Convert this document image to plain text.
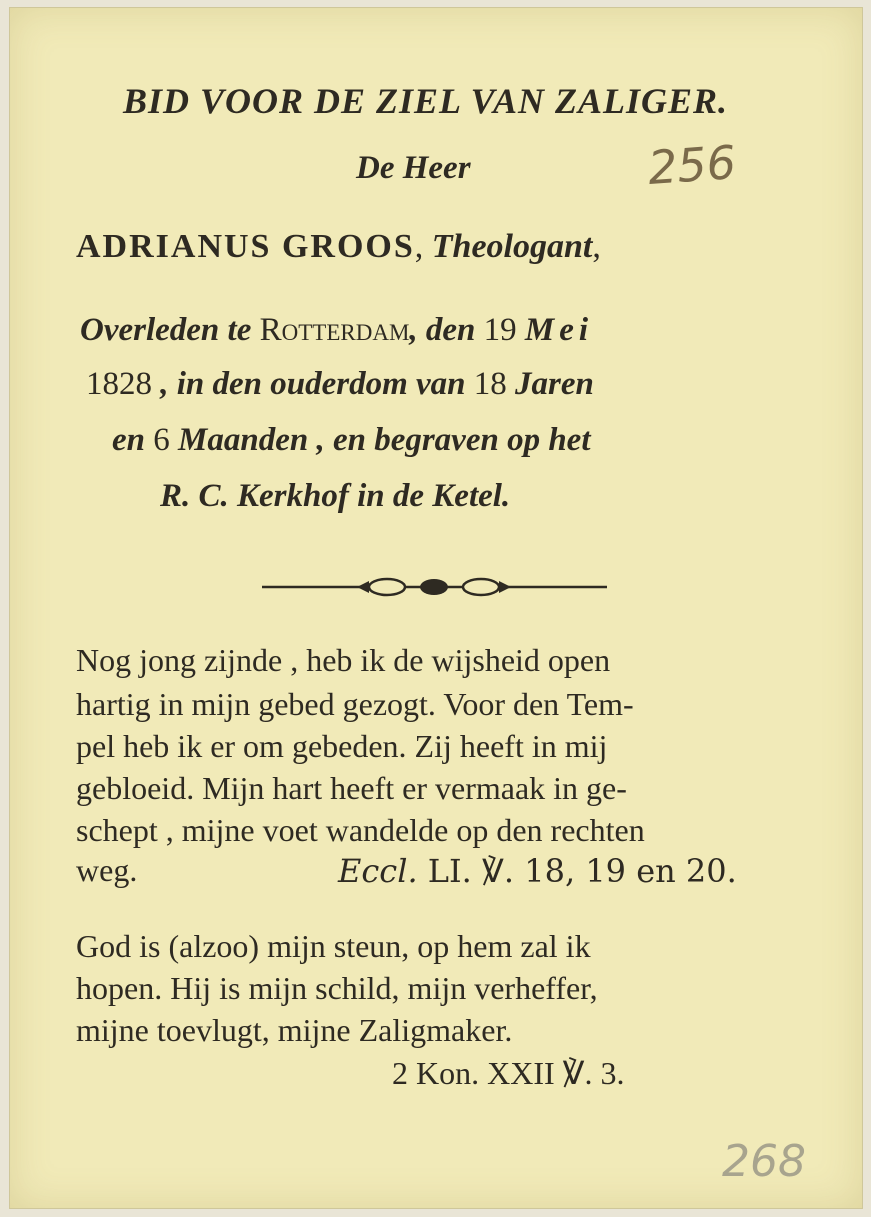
BID VOOR DE ZIEL VAN ZALIGER.
De Heer	256
ADRIANUS GROOS, Theologant,
Overleden te Rotterdam, den 19 Mei
1828 , in den ouderdom van 18 Jaren
en 6 Maanden , en begraven op het
R. C. Kerkhof in de Ketel.
Nog jong zijnde , heb ik de wijsheid open
hartig in mijn gebed gezogt. Voor den Tem-
pel heb ik er om gebeden. Zij heeft in mij
gebloeid. Mijn hart heeft er vermaak in ge-
schept , mijne voet wandelde op den rechten
weg.	Eccl. LI. ℣. 18, 19 en 20.
God is (alzoo) mijn steun, op hem zal ik
hopen. Hij is mijn schild, mijn verheffer,
mijne toevlugt, mijne Zaligmaker.
2 Kon. XXII ℣. 3.
268
